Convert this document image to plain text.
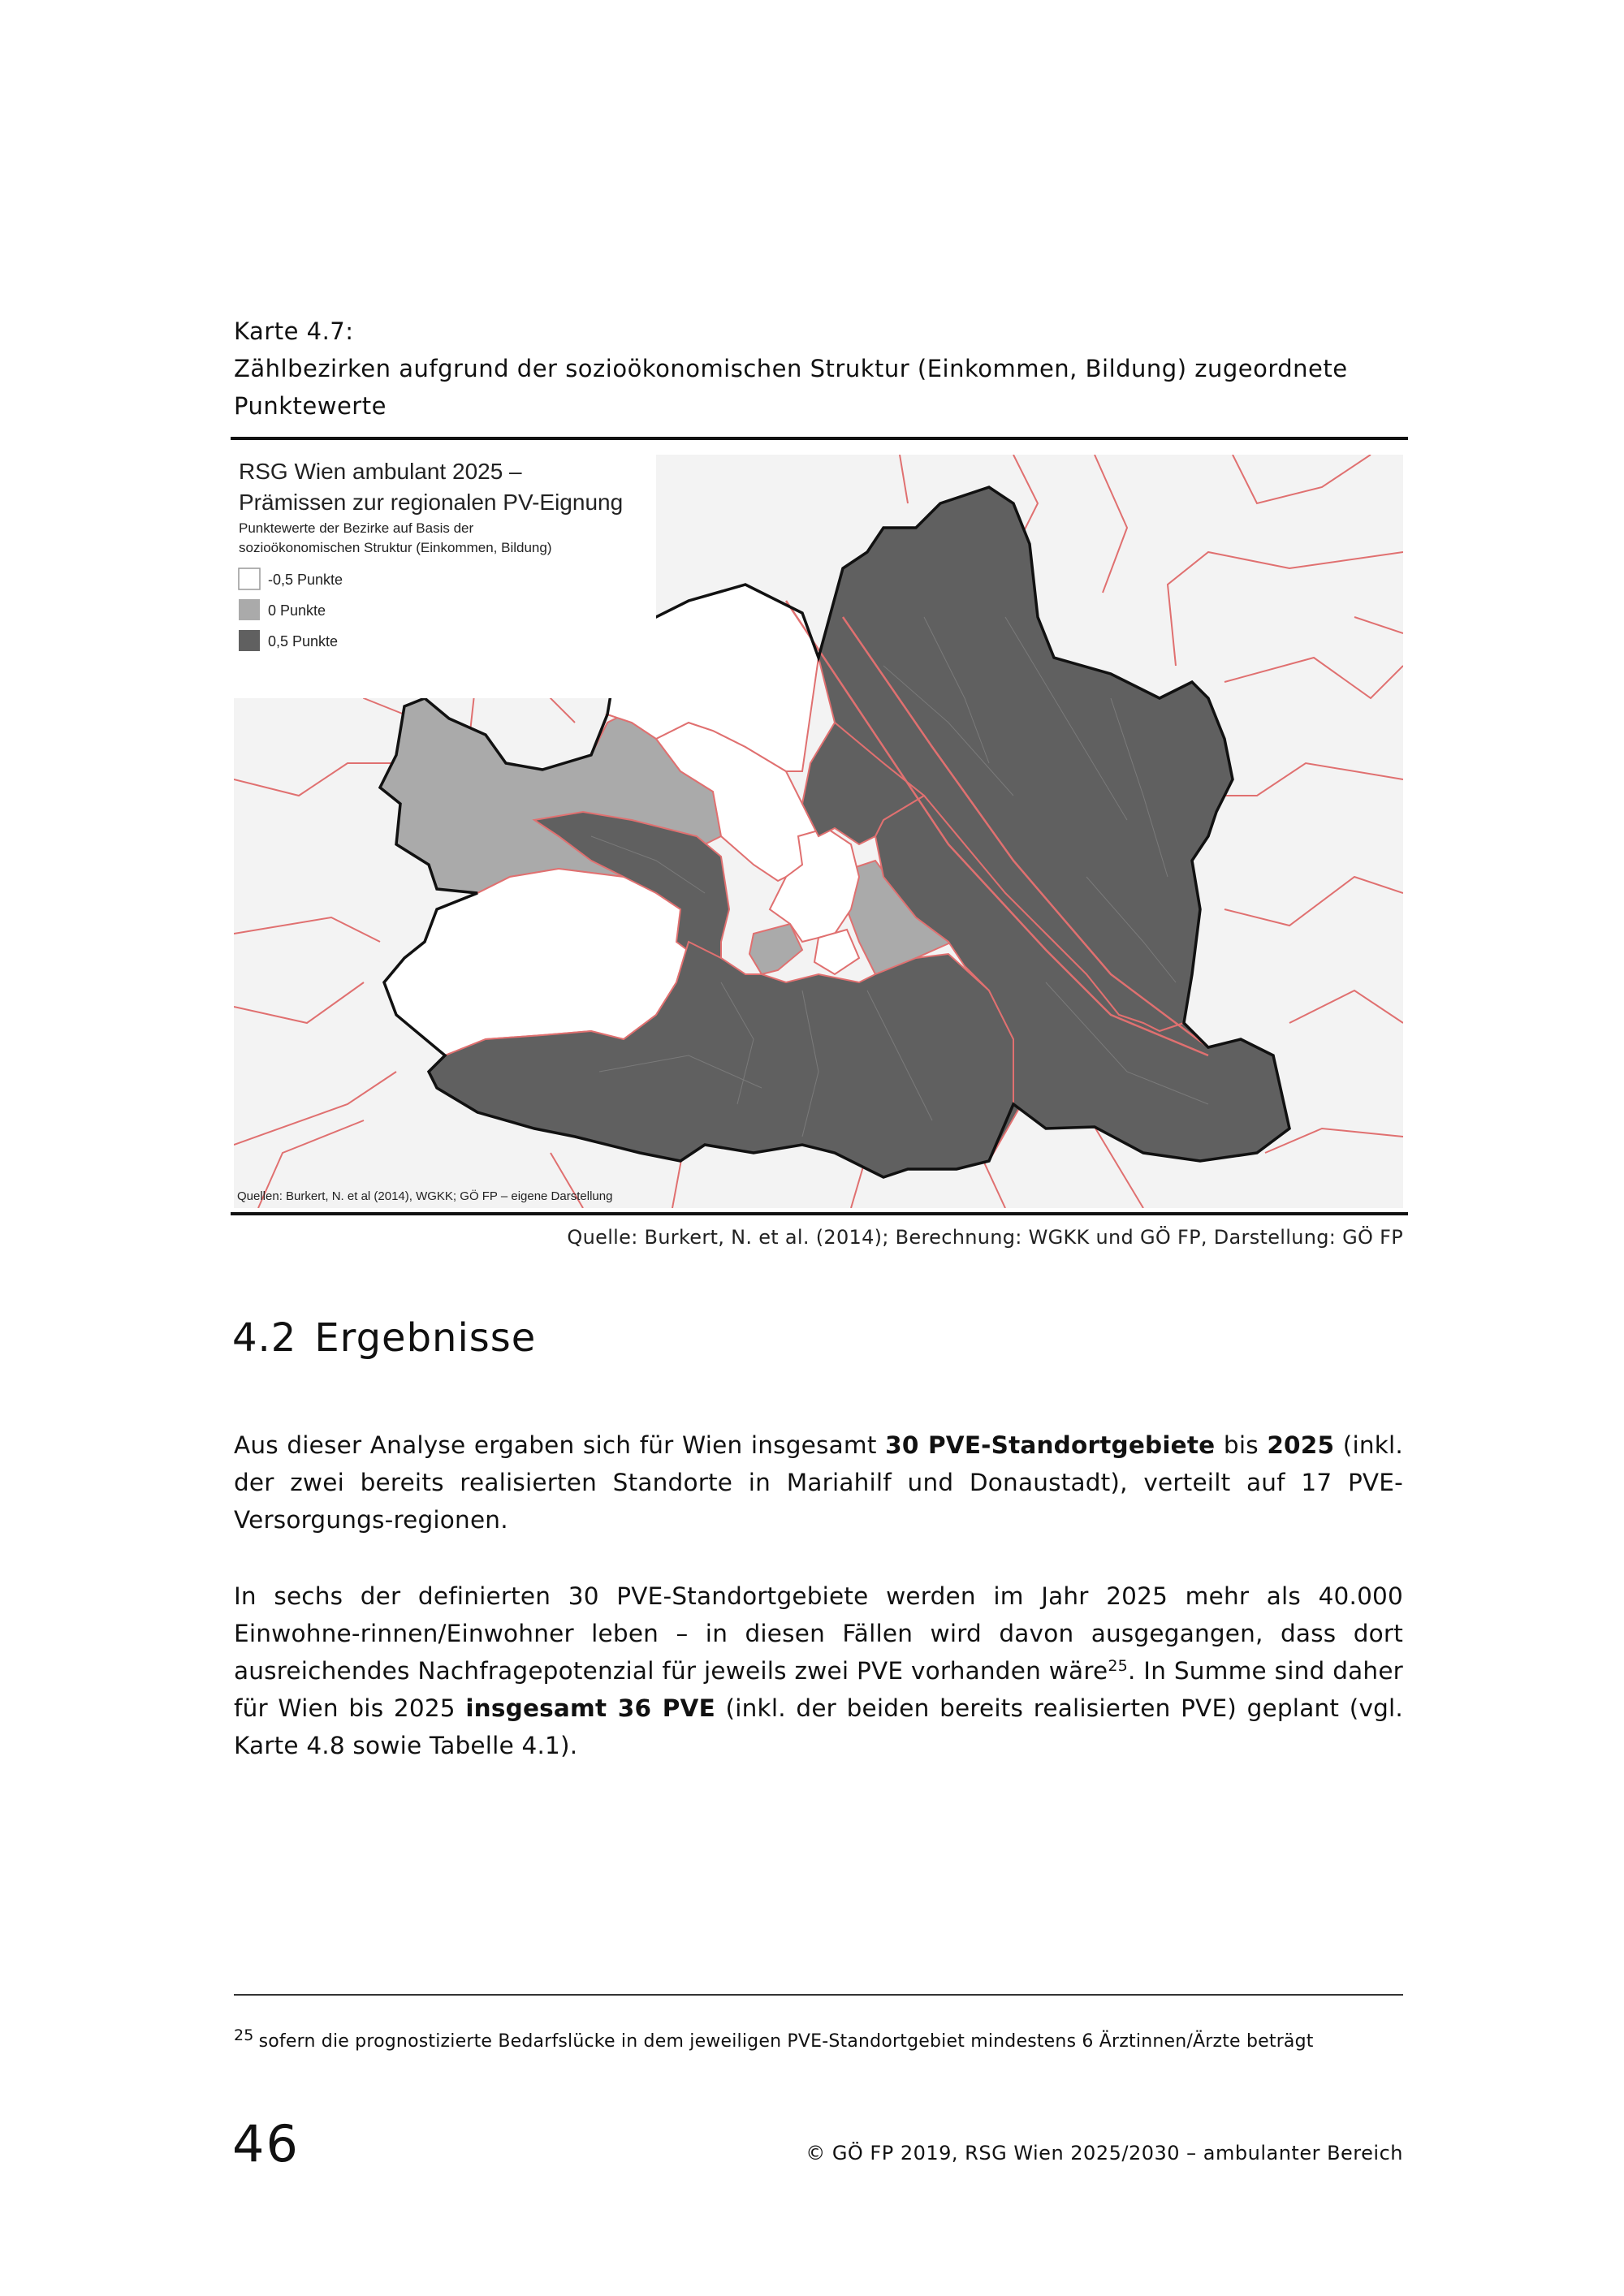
Karte 4.7:
Zählbezirken aufgrund der sozioökonomischen Struktur (Einkommen, Bildung) zugeordnete
Punktewerte
RSG Wien ambulant 2025 –
Prämissen zur regionalen PV-Eignung
Punktewerte der Bezirke auf Basis der
sozioökonomischen Struktur (Einkommen, Bildung)
-0,5 Punkte
0 Punkte
0,5 Punkte
Quellen: Burkert, N. et al (2014), WGKK; GÖ FP – eigene Darstellung
Quelle: Burkert, N. et al. (2014); Berechnung: WGKK und GÖ FP, Darstellung: GÖ FP
4.2 Ergebnisse

Aus dieser Analyse ergaben sich für Wien insgesamt 30 PVE-Standortgebiete bis 2025 (inkl. der zwei bereits realisierten Standorte in Mariahilf und Donaustadt), verteilt auf 17 PVE-Versorgungs-regionen.

In sechs der definierten 30 PVE-Standortgebiete werden im Jahr 2025 mehr als 40.000 Einwohne-rinnen/Einwohner leben – in diesen Fällen wird davon ausgegangen, dass dort ausreichendes Nachfragepotenzial für jeweils zwei PVE vorhanden wäre$^{25}$. In Summe sind daher für Wien bis 2025 insgesamt 36 PVE (inkl. der beiden bereits realisierten PVE) geplant (vgl. Karte 4.8 sowie Tabelle 4.1).

$^{25}$ sofern die prognostizierte Bedarfslücke in dem jeweiligen PVE-Standortgebiet mindestens 6 Ärztinnen/Ärzte beträgt
46	© GÖ FP 2019, RSG Wien 2025/2030 – ambulanter Bereich
